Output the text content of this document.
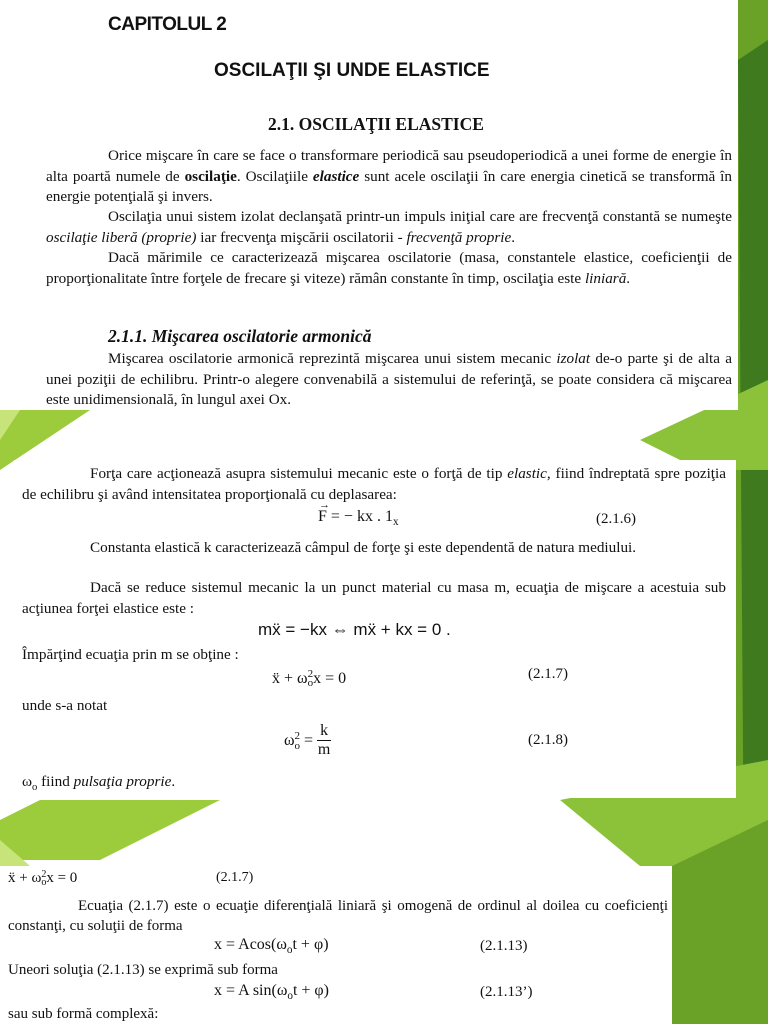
CAPITOLUL 2
OSCILAŢII ŞI UNDE ELASTICE
2.1. OSCILAŢII ELASTICE

Orice mişcare în care se face o transformare periodică sau pseudoperiodică a unei forme de energie în alta poartă numele de oscilaţie. Oscilaţiile elastice sunt acele oscilaţii în care energia cinetică se transformă în energie potenţială şi invers.

Oscilaţia unui sistem izolat declanşată printr-un impuls iniţial care are frecvenţă constantă se numeşte oscilaţie liberă (proprie) iar frecvenţa mişcării oscilatorii - frecvenţă proprie.

Dacă mărimile ce caracterizează mişcarea oscilatorie (masa, constantele elastice, coeficienţii de proporţionalitate între forţele de frecare şi viteze) rămân constante în timp, oscilaţia este liniară.

2.1.1. Mişcarea oscilatorie armonică

Mişcarea oscilatorie armonică reprezintă mişcarea unui sistem mecanic izolat de-o parte şi de alta a unei poziţii de echilibru. Printr-o alegere convenabilă a sistemului de referinţă, se poate considera că mişcarea este unidimensională, în lungul axei Ox.

Forţa care acţionează asupra sistemului mecanic este o forţă de tip elastic, fiind îndreptată spre poziţia de echilibru şi având intensitatea proporţională cu deplasarea:

F = − kx . $1_x$
→
(2.1.6)

Constanta elastică k caracterizează câmpul de forţe şi este dependentă de natura mediului.

Dacă se reduce sistemul mecanic la un punct material cu masa m, ecuaţia de mişcare a acestuia sub acţiunea forţei elastice este :

mẍ = −kx ⇔ mẍ + kx = 0 .

Împărţind ecuaţia prin m se obţine :

ẍ + ω 2
o x = 0	(2.1.7)

unde s-a notat

ω 2
$o = \frac{k}{m}$	(2.1.8)

$\omega_o$ fiind pulsaţia proprie.

ẍ + ω 2
o x = 0	(2.1.7)

Ecuaţia (2.1.7) este o ecuaţie diferenţială liniară şi omogenă de ordinul al doilea cu coeficienţi constanţi, cu soluţii de forma

$x = Acos(\omega_ot + \varphi)$	(2.1.13)

Uneori soluţia (2.1.13) se exprimă sub forma

x = A $\sin(\omega_ot + \varphi)$	(2.1.13’)

sau sub formă complexă:
